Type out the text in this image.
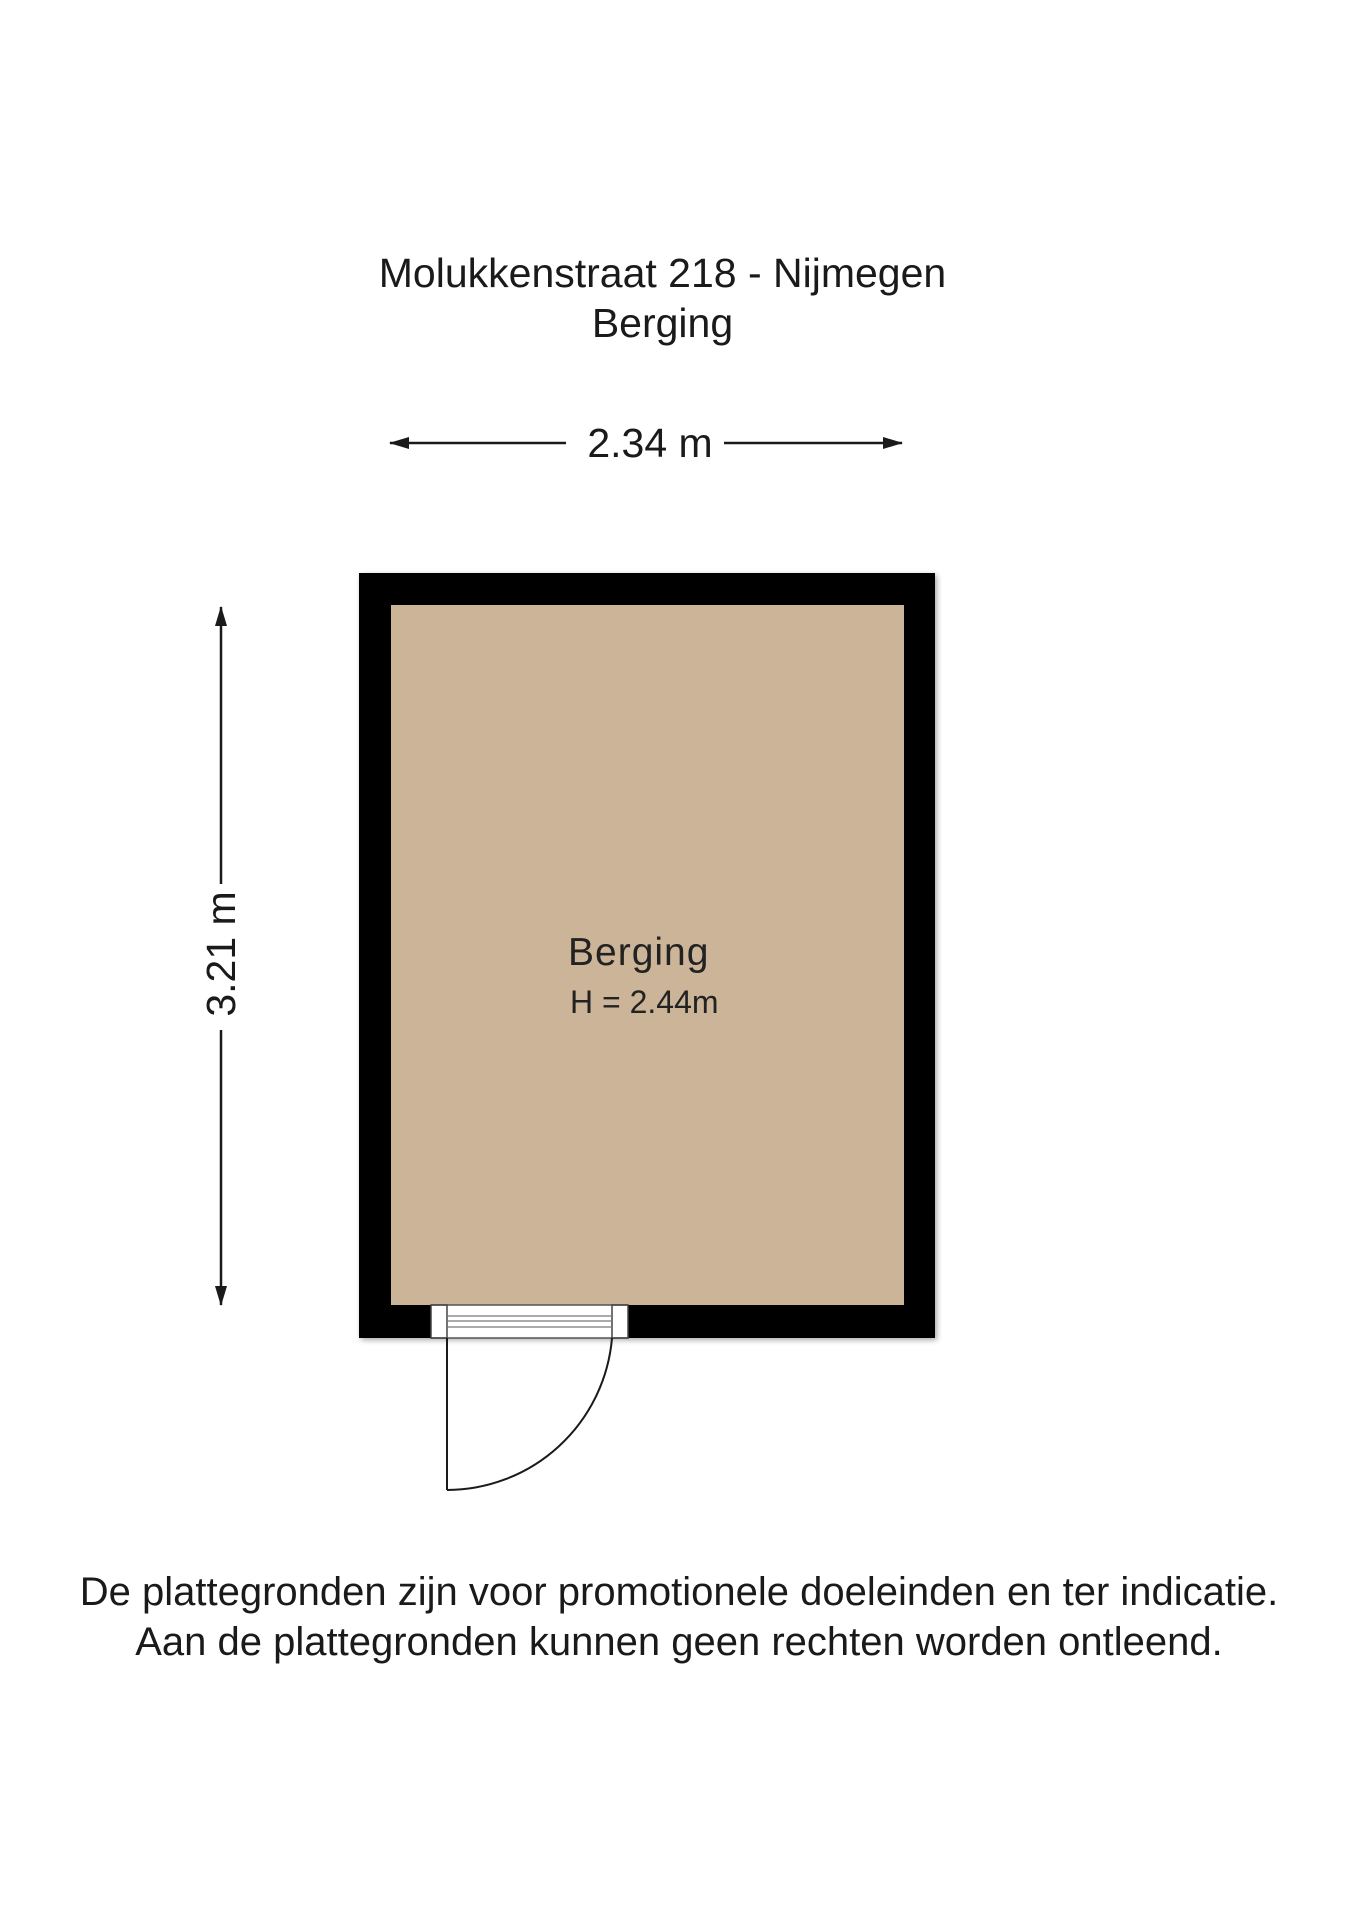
Molukkenstraat 218 - Nijmegen
Berging
2.34 m
3.21 m	Berging
H = 2.44m
De plattegronden zijn voor promotionele doeleinden en ter indicatie.
Aan de plattegronden kunnen geen rechten worden ontleend.
